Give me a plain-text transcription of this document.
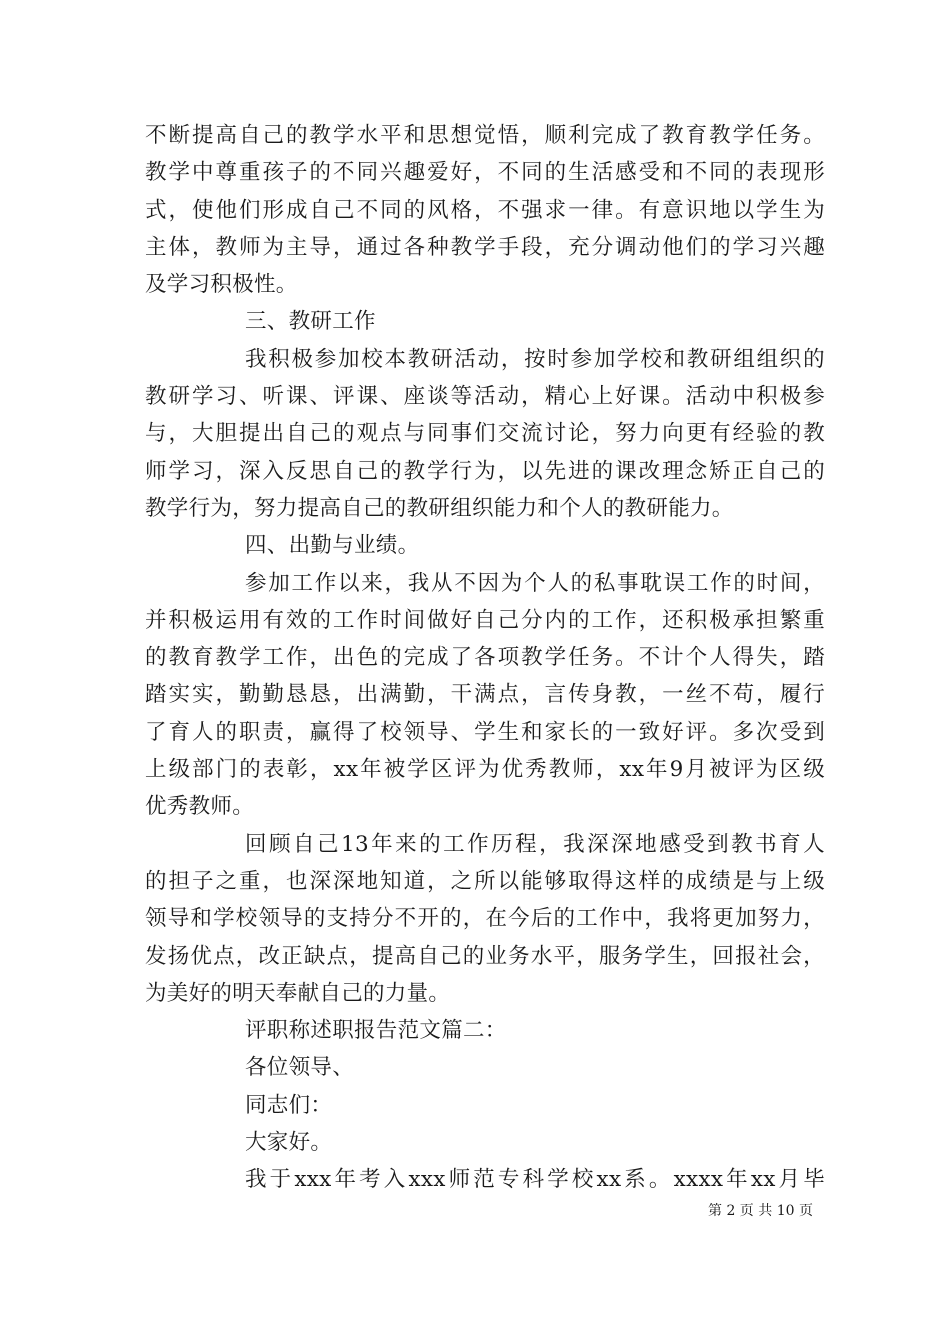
不断提高自己的教学水平和思想觉悟，顺利完成了教育教学任务。
教学中尊重孩子的不同兴趣爱好，不同的生活感受和不同的表现形
式，使他们形成自己不同的风格，不强求一律。有意识地以学生为
主体，教师为主导，通过各种教学手段，充分调动他们的学习兴趣
及学习积极性。
三、教研工作
我积极参加校本教研活动，按时参加学校和教研组组织的
教研学习、听课、评课、座谈等活动，精心上好课。活动中积极参
与，大胆提出自己的观点与同事们交流讨论，努力向更有经验的教
师学习，深入反思自己的教学行为，以先进的课改理念矫正自己的
教学行为，努力提高自己的教研组织能力和个人的教研能力。
四、出勤与业绩。
参加工作以来，我从不因为个人的私事耽误工作的时间，
并积极运用有效的工作时间做好自己分内的工作，还积极承担繁重
的教育教学工作，出色的完成了各项教学任务。不计个人得失，踏
踏实实，勤勤恳恳，出满勤，干满点，言传身教，一丝不苟，履行
了育人的职责，赢得了校领导、学生和家长的一致好评。多次受到
上级部门的表彰，xx年被学区评为优秀教师，xx年9月被评为区级
优秀教师。
回顾自己13年来的工作历程，我深深地感受到教书育人
的担子之重，也深深地知道，之所以能够取得这样的成绩是与上级
领导和学校领导的支持分不开的，在今后的工作中，我将更加努力，
发扬优点，改正缺点，提高自己的业务水平，服务学生，回报社会，
为美好的明天奉献自己的力量。
评职称述职报告范文篇二：
各位领导、
同志们：
大家好。
我于xxx年考入xxx师范专科学校xx系。xxxx年xx月毕
第 2 页 共 10 页
